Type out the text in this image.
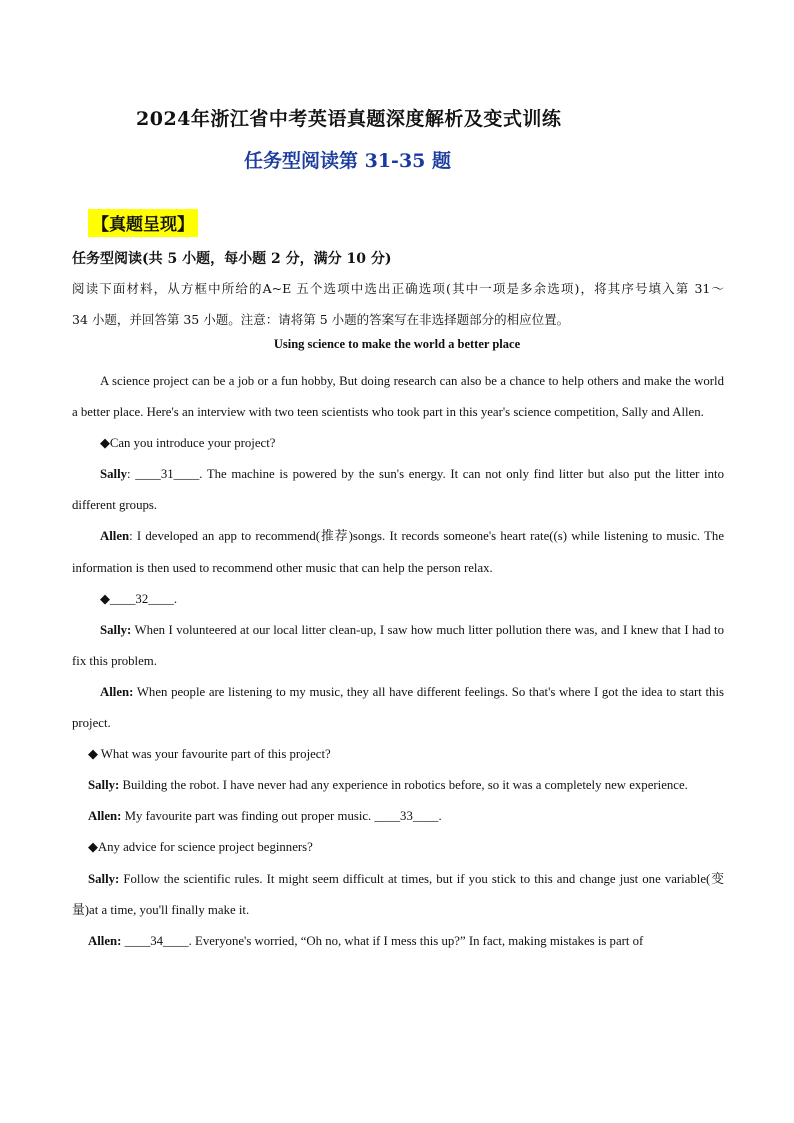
2024年浙江省中考英语真题深度解析及变式训练
任务型阅读第 31-35 题
【真题呈现】
任务型阅读(共 5 小题，每小题 2 分，满分 10 分)
阅读下面材料，从方框中所给的A~E 五个选项中选出正确选项(其中一项是多余选项)，将其序号填入第 31～
34 小题，并回答第 35 小题。注意：请将第 5 小题的答案写在非选择题部分的相应位置。
Using science to make the world a better place

A science project can be a job or a fun hobby, But doing research can also be a chance to help others and make the world a better place. Here's an interview with two teen scientists who took part in this year's science competition, Sally and Allen.

◆Can you introduce your project?

Sally: ____31____. The machine is powered by the sun's energy. It can not only find litter but also put the litter into different groups.

Allen: I developed an app to recommend(推荐)songs. It records someone's heart rate((s) while listening to music. The information is then used to recommend other music that can help the person relax.

◆____32____.

Sally: When I volunteered at our local litter clean-up, I saw how much litter pollution there was, and I knew that I had to fix this problem.

Allen: When people are listening to my music, they all have different feelings. So that's where I got the idea to start this project.

◆ What was your favourite part of this project?

Sally: Building the robot. I have never had any experience in robotics before, so it was a completely new experience.

Allen: My favourite part was finding out proper music. ____33____.

◆Any advice for science project beginners?

Sally: Follow the scientific rules. It might seem difficult at times, but if you stick to this and change just one variable(变量)at a time, you'll finally make it.

Allen: ____34____. Everyone's worried, “Oh no, what if I mess this up?” In fact, making mistakes is part of
